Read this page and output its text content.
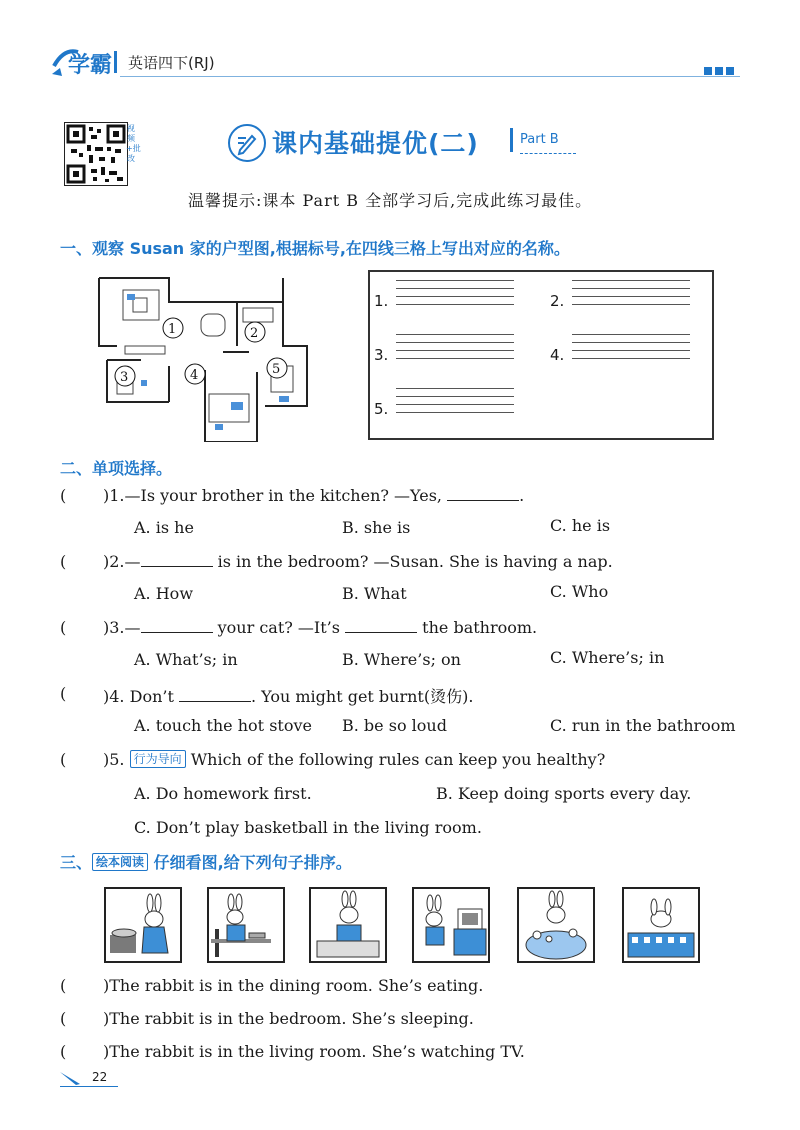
学霸 英语四下(RJ)
视频+批改
课内基础提优(二)	Part B
温馨提示:课本 Part B 全部学习后,完成此练习最佳。
一、观察 Susan 家的户型图,根据标号,在四线三格上写出对应的名称。
1	2
3	4	5
1.	2.
3.	4.
5.
二、单项选择。
( )1.—Is your brother in the kitchen? —Yes,	.
A. is he	B. she is	C. he is
( )2.—	is in the bedroom? —Susan. She is having a nap.
A. How	B. What	C. Who
( )3.—	your cat? —It’s	the bathroom.
A. What’s; in	B. Where’s; on	C. Where’s; in
( )4. Don’t	. You might get burnt(烫伤).
A. touch the hot stove B. be so loud	C. run in the bathroom
( )5. 行为导向 Which of the following rules can keep you healthy?
A. Do homework first.	B. Keep doing sports every day.
C. Don’t play basketball in the living room.
三、 绘本阅读 仔细看图,给下列句子排序。
( )The rabbit is in the dining room. She’s eating.
( )The rabbit is in the bedroom. She’s sleeping.
( )The rabbit is in the living room. She’s watching TV.
22
